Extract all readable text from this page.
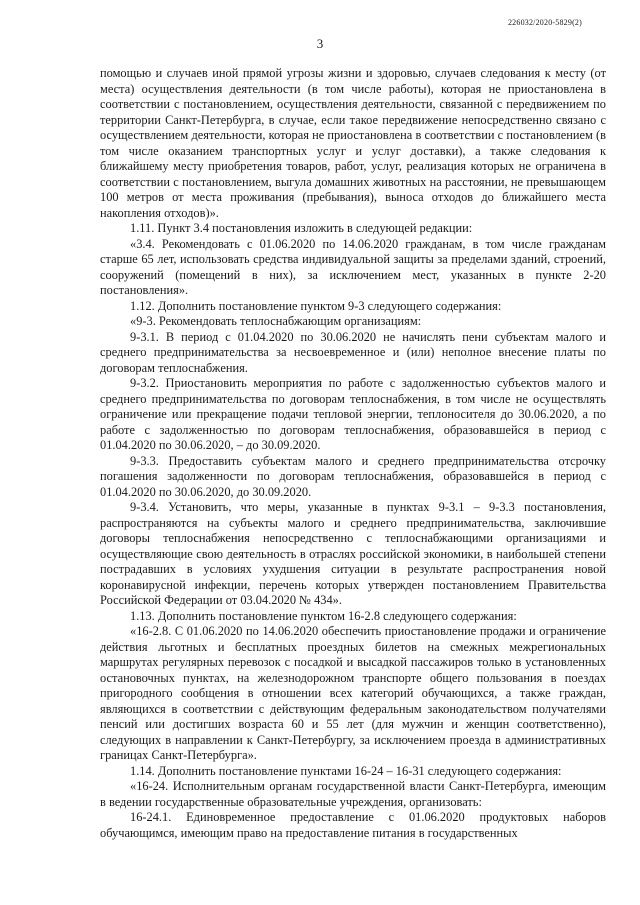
226032/2020-5829(2)
3

помощью и случаев иной прямой угрозы жизни и здоровью, случаев следования к месту (от места) осуществления деятельности (в том числе работы), которая не приостановлена в соответствии с постановлением, осуществления деятельности, связанной с передвижением по территории Санкт-Петербурга, в случае, если такое передвижение непосредственно связано с осуществлением деятельности, которая не приостановлена в соответствии с постановлением (в том числе оказанием транспортных услуг и услуг доставки), а также следования к ближайшему месту приобретения товаров, работ, услуг, реализация которых не ограничена в соответствии с постановлением, выгула домашних животных на расстоянии, не превышающем 100 метров от места проживания (пребывания), выноса отходов до ближайшего места накопления отходов)».

1.11. Пункт 3.4 постановления изложить в следующей редакции:

«3.4. Рекомендовать с 01.06.2020 по 14.06.2020 гражданам, в том числе гражданам старше 65 лет, использовать средства индивидуальной защиты за пределами зданий, строений, сооружений (помещений в них), за исключением мест, указанных в пункте 2-20 постановления».

1.12. Дополнить постановление пунктом 9-3 следующего содержания:

«9-3. Рекомендовать теплоснабжающим организациям:

9-3.1. В период с 01.04.2020 по 30.06.2020 не начислять пени субъектам малого и среднего предпринимательства за несвоевременное и (или) неполное внесение платы по договорам теплоснабжения.

9-3.2. Приостановить мероприятия по работе с задолженностью субъектов малого и среднего предпринимательства по договорам теплоснабжения, в том числе не осуществлять ограничение или прекращение подачи тепловой энергии, теплоносителя до 30.06.2020, а по работе с задолженностью по договорам теплоснабжения, образовавшейся в период с 01.04.2020 по 30.06.2020, – до 30.09.2020.

9-3.3. Предоставить субъектам малого и среднего предпринимательства отсрочку погашения задолженности по договорам теплоснабжения, образовавшейся в период с 01.04.2020 по 30.06.2020, до 30.09.2020.

9-3.4. Установить, что меры, указанные в пунктах 9-3.1 – 9-3.3 постановления, распространяются на субъекты малого и среднего предпринимательства, заключившие договоры теплоснабжения непосредственно с теплоснабжающими организациями и осуществляющие свою деятельность в отраслях российской экономики, в наибольшей степени пострадавших в условиях ухудшения ситуации в результате распространения новой коронавирусной инфекции, перечень которых утвержден постановлением Правительства Российской Федерации от 03.04.2020 № 434».

1.13. Дополнить постановление пунктом 16-2.8 следующего содержания:

«16-2.8. С 01.06.2020 по 14.06.2020 обеспечить приостановление продажи и ограничение действия льготных и бесплатных проездных билетов на смежных межрегиональных маршрутах регулярных перевозок с посадкой и высадкой пассажиров только в установленных остановочных пунктах, на железнодорожном транспорте общего пользования в поездах пригородного сообщения в отношении всех категорий обучающихся, а также граждан, являющихся в соответствии с действующим федеральным законодательством получателями пенсий или достигших возраста 60 и 55 лет (для мужчин и женщин соответственно), следующих в направлении к Санкт-Петербургу, за исключением проезда в административных границах Санкт-Петербурга».

1.14. Дополнить постановление пунктами 16-24 – 16-31 следующего содержания:

«16-24. Исполнительным органам государственной власти Санкт-Петербурга, имеющим в ведении государственные образовательные учреждения, организовать:

16-24.1. Единовременное предоставление с 01.06.2020 продуктовых наборов обучающимся, имеющим право на предоставление питания в государственных
